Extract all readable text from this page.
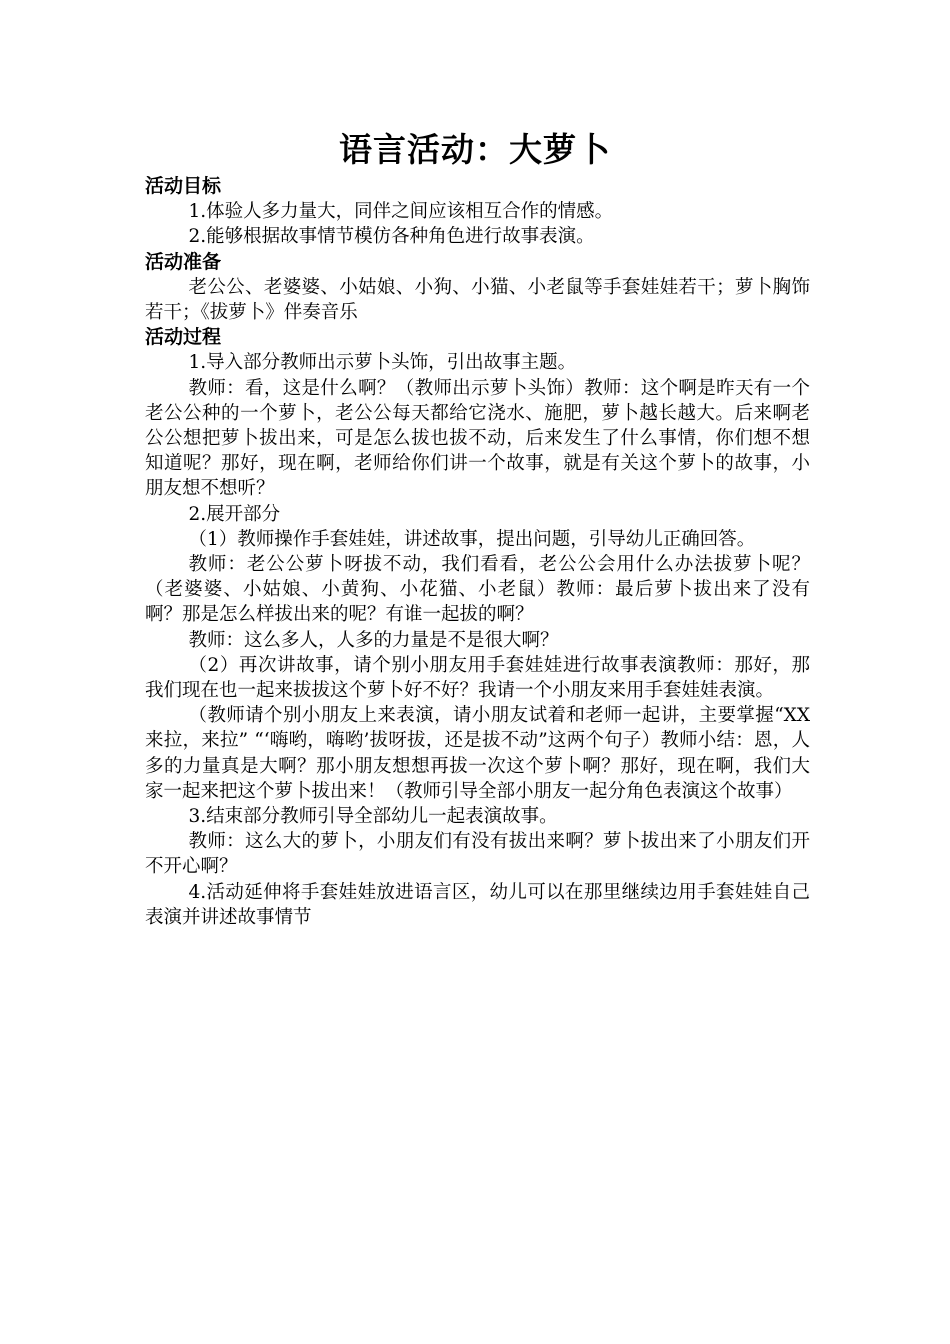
语言活动：大萝卜
活动目标

1.体验人多力量大，同伴之间应该相互合作的情感。

2.能够根据故事情节模仿各种角色进行故事表演。

活动准备

老公公、老婆婆、小姑娘、小狗、小猫、小老鼠等手套娃娃若干；萝卜胸饰若干；《拔萝卜》伴奏音乐

活动过程

1.导入部分教师出示萝卜头饰，引出故事主题。

教师：看，这是什么啊？（教师出示萝卜头饰）教师：这个啊是昨天有一个老公公种的一个萝卜，老公公每天都给它浇水、施肥，萝卜越长越大。后来啊老公公想把萝卜拔出来，可是怎么拔也拔不动，后来发生了什么事情，你们想不想知道呢？那好，现在啊，老师给你们讲一个故事，就是有关这个萝卜的故事，小朋友想不想听？

2.展开部分

（1）教师操作手套娃娃，讲述故事，提出问题，引导幼儿正确回答。

教师：老公公萝卜呀拔不动，我们看看，老公公会用什么办法拔萝卜呢？（老婆婆、小姑娘、小黄狗、小花猫、小老鼠）教师：最后萝卜拔出来了没有啊？那是怎么样拔出来的呢？有谁一起拔的啊？

教师：这么多人，人多的力量是不是很大啊？

（2）再次讲故事，请个别小朋友用手套娃娃进行故事表演教师：那好，那我们现在也一起来拔拔这个萝卜好不好？我请一个小朋友来用手套娃娃表演。

（教师请个别小朋友上来表演，请小朋友试着和老师一起讲，主要掌握“XX来拉，来拉” “‘嗨哟，嗨哟’拔呀拔，还是拔不动”这两个句子）教师小结：恩，人多的力量真是大啊？那小朋友想想再拔一次这个萝卜啊？那好，现在啊，我们大家一起来把这个萝卜拔出来！（教师引导全部小朋友一起分角色表演这个故事）

3.结束部分教师引导全部幼儿一起表演故事。

教师：这么大的萝卜，小朋友们有没有拔出来啊？萝卜拔出来了小朋友们开不开心啊？

4.活动延伸将手套娃娃放进语言区，幼儿可以在那里继续边用手套娃娃自己表演并讲述故事情节
